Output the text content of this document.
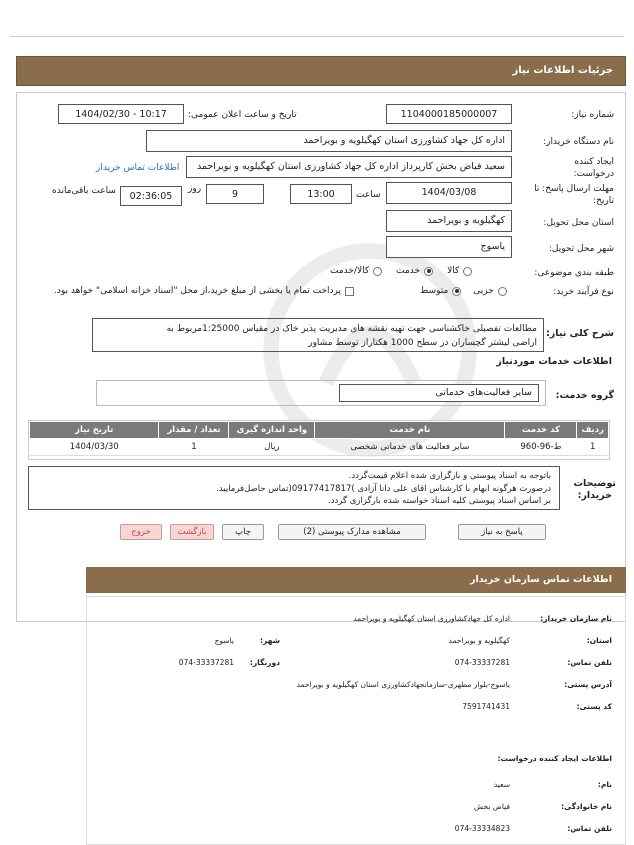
جزئیات اطلاعات نیاز
شماره نیاز:
1104000185000007
تاریخ و ساعت اعلان عمومی:
1404/02/30 - 10:17
نام دستگاه خریدار:
اداره کل جهاد کشاورزی استان کهگیلویه و بویراحمد
ایجاد کننده
درخواست:
سعید فیاض بخش کارپرداز اداره کل جهاد کشاورزی استان کهگیلویه و بویراحمد
اطلاعات تماس خریدار
مهلت ارسال پاسخ: تا
تاریخ:
1404/03/08
ساعت
13:00
9
روز
02:36:05
ساعت باقی‌مانده
استان محل تحویل:
کهگیلویه و بویراحمد
شهر محل تحویل:
یاسوج
طبقه بندی موضوعی:
کالا
خدمت
کالا/خدمت
نوع فرآیند خرید:
جزیی
متوسط
پرداخت تمام یا بخشی از مبلغ خرید،از محل "اسناد خزانه اسلامی" خواهد بود.
شرح کلی نیاز:
مطالعات تفصیلی خاکشناسی جهت تهیه نقشه های مدیریت پذیر خاک در مقیاس 1:25000مربوط به
اراضی لیشتر گچساران در سطح 1000 هکتاراز توسط مشاور
اطلاعات خدمات موردنیاز
گروه خدمت:
سایر فعالیت‌های خدماتی
ردیف	کد خدمت	نام خدمت	واحد اندازه گیری	تعداد / مقدار	تاریخ نیاز
1	ط-96-960	سایر فعالیت های خدماتی شخصی	ریال	1	1404/03/30
توضیحات
خریدار:
باتوجه به اسناد پیوستی و بارگزاری شده اعلام قیمت‌گردد.
درصورت هرگونه ابهام با کارشناس اقای علی دانا آزادی )09177417817(تماس حاصل‌فرمایید.
بر اساس اسناد پیوستی کلیه اسناد خواسته شده بارگزاری گردد.
پاسخ به نیاز
مشاهده مدارک پیوستی (2)
چاپ
بازگشت
خروج
اطلاعات تماس سازمان خریدار
نام سازمان خریدار:
اداره کل جهادکشاورزی استان کهگیلویه و بویراحمد
استان:
کهگیلویه و بویراحمد
شهر:
یاسوج
تلفن تماس:
074-33337281
دورنگار:
074-33337281
آدرس پستی:
یاسوج-بلوار مطهری-سازمانجهادکشاورزی استان کهگیلویه و بویراحمد
کد پستی:
7591741431
اطلاعات ایجاد کننده درخواست:
نام:
سعید
نام خانوادگی:
فیاض بخش
تلفن تماس:
074-33334823
